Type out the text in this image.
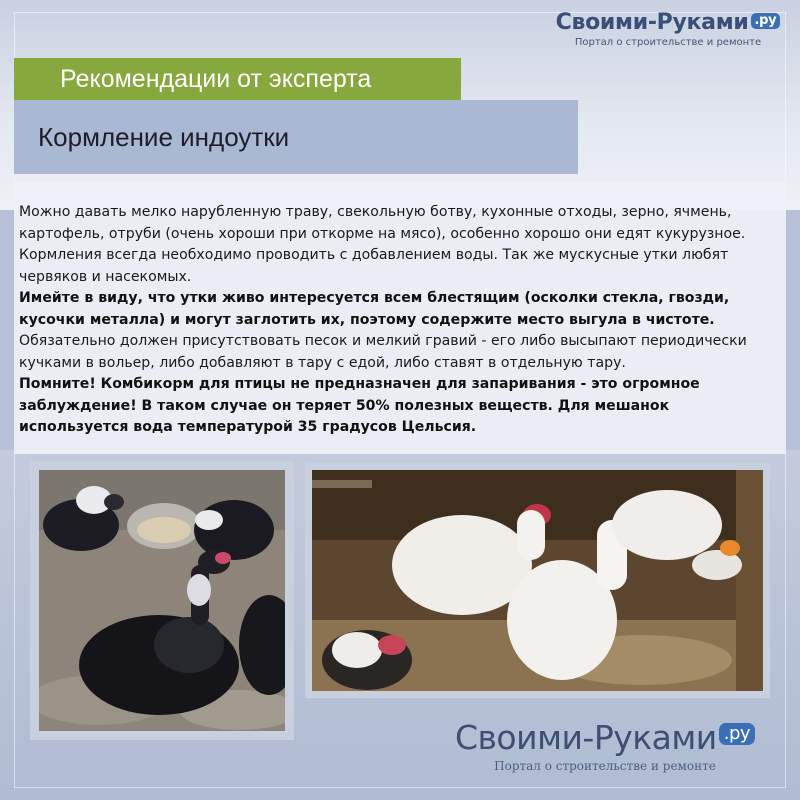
Своими-Руками .ру
Портал о строительстве и ремонте
Рекомендации от эксперта
Кормление индоутки

Можно давать мелко нарубленную траву, свекольную ботву, кухонные отходы, зерно, ячмень, картофель, отруби (очень хороши при откорме на мясо), особенно хорошо они едят кукурузное. Кормления всегда необходимо проводить с добавлением воды. Так же мускусные утки любят червяков и насекомых.

Имейте в виду, что утки живо интересуется всем блестящим (осколки стекла, гвозди, кусочки металла) и могут заглотить их, поэтому содержите место выгула в чистоте.

Обязательно должен присутствовать песок и мелкий гравий - его либо высыпают периодически кучками в вольер, либо добавляют в тару с едой, либо ставят в отдельную тару.

Помните! Комбикорм для птицы не предназначен для запаривания - это огромное заблуждение! В таком случае он теряет 50% полезных веществ. Для мешанок используется вода температурой 35 градусов Цельсия.

Своими-Руками .ру
Портал о строительстве и ремонте
